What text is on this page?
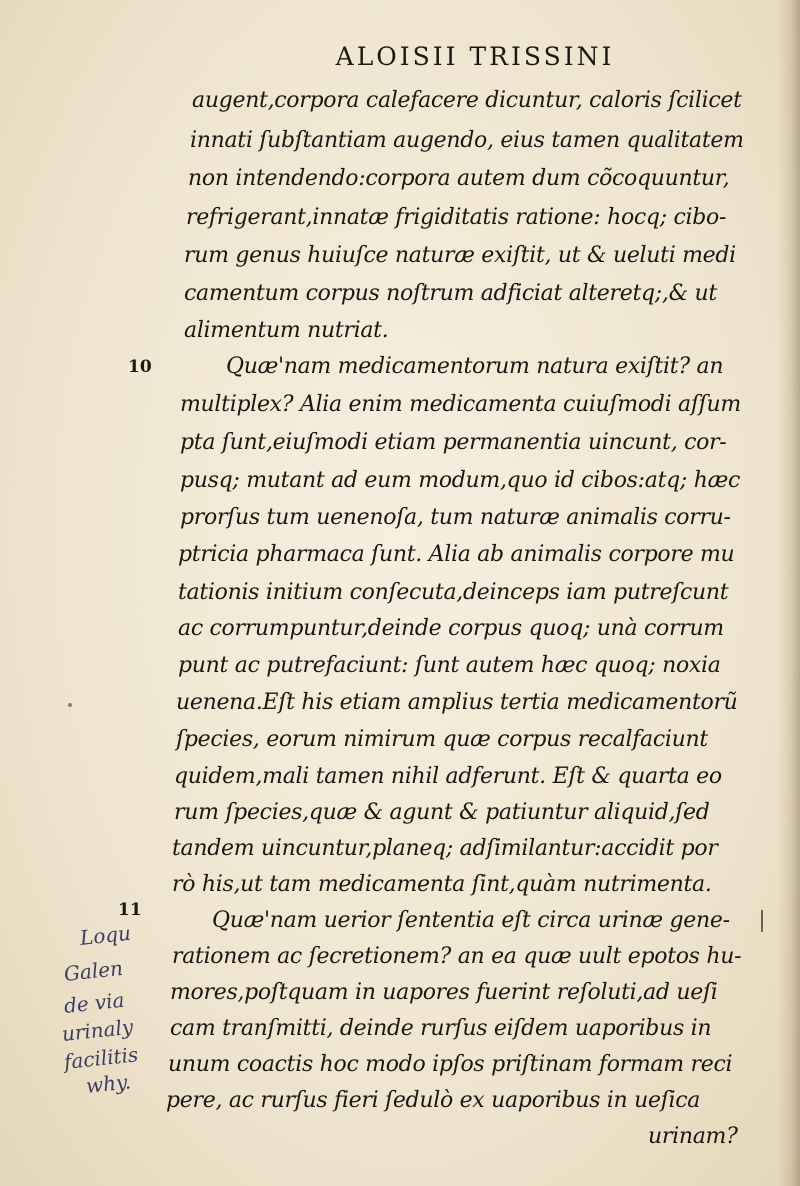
ALOISII TRISSINI
augent,corpora calefacere dicuntur, caloris ſcilicet
innati ſubſtantiam augendo, eius tamen qualitatem
non intendendo:corpora autem dum cõcoquuntur,
refrigerant,innatæ frigiditatis ratione: hocq; cibo-
rum genus huiuſce naturæ exiſtit, ut & ueluti medi
camentum corpus noſtrum adficiat alteretq;,& ut
alimentum nutriat.
10	Quæ'nam medicamentorum natura exiſtit? an
multiplex? Alia enim medicamenta cuiuſmodi aſſum
pta ſunt,eiuſmodi etiam permanentia uincunt, cor-
pusq; mutant ad eum modum,quo id cibos:atq; hæc
prorſus tum uenenoſa, tum naturæ animalis corru-
ptricia pharmaca ſunt. Alia ab animalis corpore mu
tationis initium conſecuta,deinceps iam putreſcunt
ac corrumpuntur,deinde corpus quoq; unà corrum
punt ac putrefaciunt: ſunt autem hæc quoq; noxia
uenena.Eſt his etiam amplius tertia medicamentorũ
ſpecies, eorum nimirum quæ corpus recalfaciunt
quidem,mali tamen nihil adferunt. Eſt & quarta eo
rum ſpecies,quæ & agunt & patiuntur aliquid,ſed
tandem uincuntur,planeq; adſimilantur:accidit por
rò his,ut tam medicamenta ſint,quàm nutrimenta.
11	Quæ'nam uerior ſententia eſt circa urinæ gene-
rationem ac ſecretionem? an ea quæ uult epotos hu-
mores,poſtquam in uapores fuerint reſoluti,ad ueſi
cam tranſmitti, deinde rurſus eiſdem uaporibus in
unum coactis hoc modo ipſos priſtinam formam reci
pere, ac rurſus fieri ſedulò ex uaporibus in ueſica
urinam?
Loqu
Galen
de via
urinaly
facilitis
why.
